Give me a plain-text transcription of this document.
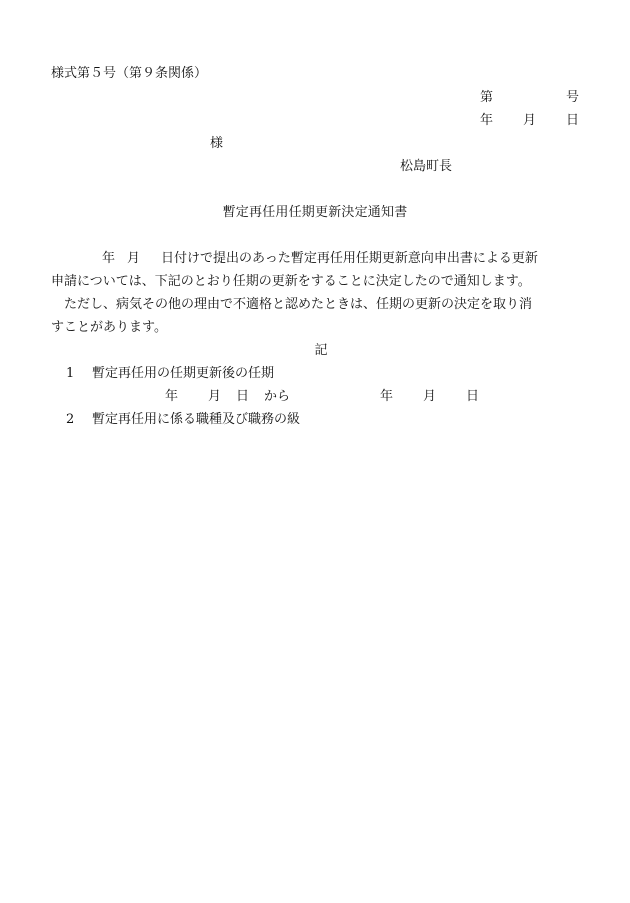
様式第５号（第９条関係）
第	号
年 月 日
様
松島町長
暫定再任用任期更新決定通知書
年 月 日付けで提出のあった暫定再任用任期更新意向申出書による更新
申請については、下記のとおり任期の更新をすることに決定したので通知します。
　ただし、病気その他の理由で不適格と認めたときは、任期の更新の決定を取り消
すことがあります。
記
1 暫定再任用の任期更新後の任期
年 月 日 から	年 月 日
2 暫定再任用に係る職種及び職務の級
